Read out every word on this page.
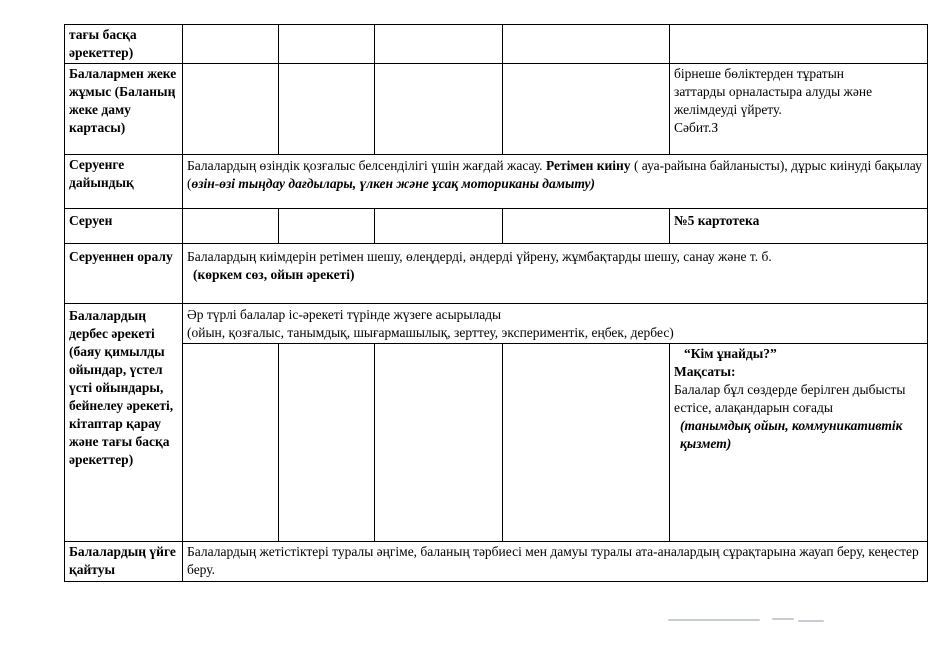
тағы басқа әрекеттер)					
Балалармен жеке жұмыс (Баланың жеке даму картасы)					бірнеше бөліктерден тұратын
заттарды орналастыра алуды және
желімдеуді үйрету.
Сәбит.З

Серуенге дайындық	Балалардың өзіндік қозғалыс белсенділігі үшін жағдай жасау. Ретімен киіну ( ауа-райына байланысты), дұрыс киінуді бақылау (өзін-өзі тыңдау дағдылары, үлкен және ұсақ моториканы дамыту)				
Серуен					№5 картотека
Серуеннен оралу	Балалардың киімдерін ретімен шешу, өлеңдерді, әндерді үйрену, жұмбақтарды шешу, санау және т. б.
(көркем сөз, ойын әрекеті)				

Балалардың дербес әрекеті (баяу қимылды ойындар, үстел үсті ойындары, бейнелеу әрекеті, кітаптар қарау және тағы басқа әрекеттер)	Әр түрлі балалар іс-әрекеті түрінде жүзеге асырылады
(ойын, қозғалыс, танымдық, шығармашылық, зерттеу, экспериментік, еңбек, дербес)				

					“Кім ұнайды?”
Мақсаты:
Балалар бұл сөздерде берілген дыбысты естісе, алақандарын соғады
(танымдық ойын, коммуникативтік қызмет)

Балалардың үйге қайтуы	Балалардың жетістіктері туралы әңгіме, баланың тәрбиесі мен дамуы туралы ата-аналардың сұрақтарына жауап беру, кеңестер беру.				
